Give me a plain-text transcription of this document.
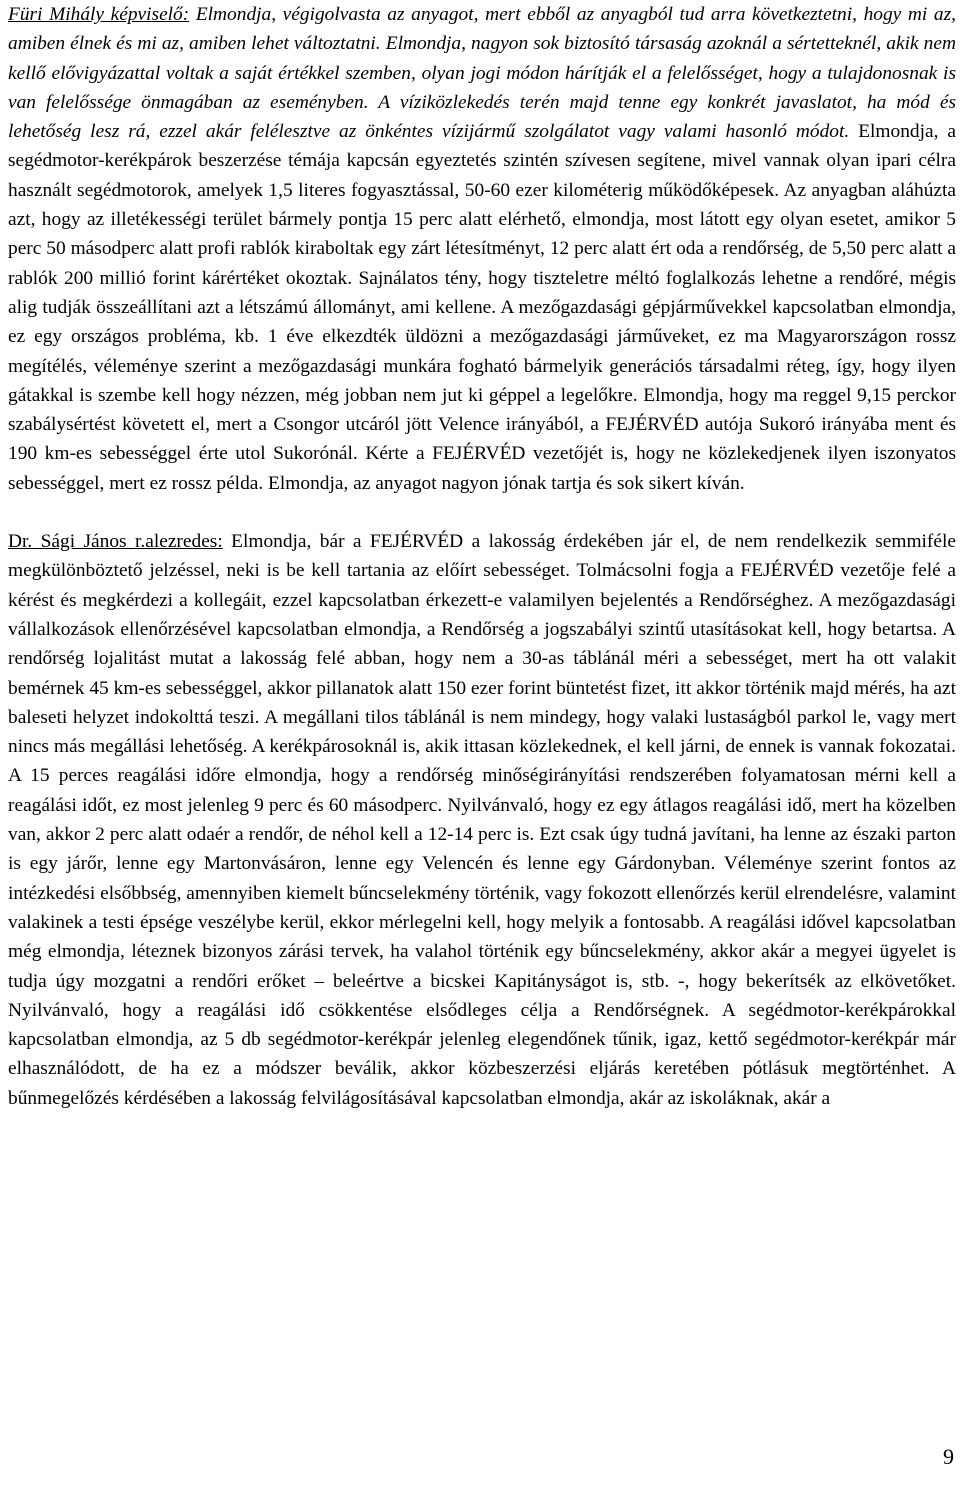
Füri Mihály képviselő: Elmondja, végigolvasta az anyagot, mert ebből az anyagból tud arra következtetni, hogy mi az, amiben élnek és mi az, amiben lehet változtatni. Elmondja, nagyon sok biztosító társaság azoknál a sértetteknél, akik nem kellő elővigyázattal voltak a saját értékkel szemben, olyan jogi módon hárítják el a felelősséget, hogy a tulajdonosnak is van felelőssége önmagában az eseményben. A víziközlekedés terén majd tenne egy konkrét javaslatot, ha mód és lehetőség lesz rá, ezzel akár felélesztve az önkéntes vízijármű szolgálatot vagy valami hasonló módot. Elmondja, a segédmotor-kerékpárok beszerzése témája kapcsán egyeztetés szintén szívesen segítene, mivel vannak olyan ipari célra használt segédmotorok, amelyek 1,5 literes fogyasztással, 50-60 ezer kilométerig működőképesek. Az anyagban aláhúzta azt, hogy az illetékességi terület bármely pontja 15 perc alatt elérhető, elmondja, most látott egy olyan esetet, amikor 5 perc 50 másodperc alatt profi rablók kiraboltak egy zárt létesítményt, 12 perc alatt ért oda a rendőrség, de 5,50 perc alatt a rablók 200 millió forint kárértéket okoztak. Sajnálatos tény, hogy tiszteletre méltó foglalkozás lehetne a rendőré, mégis alig tudják összeállítani azt a létszámú állományt, ami kellene. A mezőgazdasági gépjárművekkel kapcsolatban elmondja, ez egy országos probléma, kb. 1 éve elkezdték üldözni a mezőgazdasági járműveket, ez ma Magyarországon rossz megítélés, véleménye szerint a mezőgazdasági munkára fogható bármelyik generációs társadalmi réteg, így, hogy ilyen gátakkal is szembe kell hogy nézzen, még jobban nem jut ki géppel a legelőkre. Elmondja, hogy ma reggel 9,15 perckor szabálysértést követett el, mert a Csongor utcáról jött Velence irányából, a FEJÉRVÉD autója Sukoró irányába ment és 190 km-es sebességgel érte utol Sukorónál. Kérte a FEJÉRVÉD vezetőjét is, hogy ne közlekedjenek ilyen iszonyatos sebességgel, mert ez rossz példa. Elmondja, az anyagot nagyon jónak tartja és sok sikert kíván.

Dr. Sági János r.alezredes: Elmondja, bár a FEJÉRVÉD a lakosság érdekében jár el, de nem rendelkezik semmiféle megkülönböztető jelzéssel, neki is be kell tartania az előírt sebességet. Tolmácsolni fogja a FEJÉRVÉD vezetője felé a kérést és megkérdezi a kollegáit, ezzel kapcsolatban érkezett-e valamilyen bejelentés a Rendőrséghez. A mezőgazdasági vállalkozások ellenőrzésével kapcsolatban elmondja, a Rendőrség a jogszabályi szintű utasításokat kell, hogy betartsa. A rendőrség lojalitást mutat a lakosság felé abban, hogy nem a 30-as táblánál méri a sebességet, mert ha ott valakit bemérnek 45 km-es sebességgel, akkor pillanatok alatt 150 ezer forint büntetést fizet, itt akkor történik majd mérés, ha azt baleseti helyzet indokolttá teszi. A megállani tilos táblánál is nem mindegy, hogy valaki lustaságból parkol le, vagy mert nincs más megállási lehetőség. A kerékpárosoknál is, akik ittasan közlekednek, el kell járni, de ennek is vannak fokozatai. A 15 perces reagálási időre elmondja, hogy a rendőrség minőségirányítási rendszerében folyamatosan mérni kell a reagálási időt, ez most jelenleg 9 perc és 60 másodperc. Nyilvánvaló, hogy ez egy átlagos reagálási idő, mert ha közelben van, akkor 2 perc alatt odaér a rendőr, de néhol kell a 12-14 perc is. Ezt csak úgy tudná javítani, ha lenne az északi parton is egy járőr, lenne egy Martonvásáron, lenne egy Velencén és lenne egy Gárdonyban. Véleménye szerint fontos az intézkedési elsőbbség, amennyiben kiemelt bűncselekmény történik, vagy fokozott ellenőrzés kerül elrendelésre, valamint valakinek a testi épsége veszélybe kerül, ekkor mérlegelni kell, hogy melyik a fontosabb. A reagálási idővel kapcsolatban még elmondja, léteznek bizonyos zárási tervek, ha valahol történik egy bűncselekmény, akkor akár a megyei ügyelet is tudja úgy mozgatni a rendőri erőket – beleértve a bicskei Kapitányságot is, stb. -, hogy bekerítsék az elkövetőket. Nyilvánvaló, hogy a reagálási idő csökkentése elsődleges célja a Rendőrségnek. A segédmotor-kerékpárokkal kapcsolatban elmondja, az 5 db segédmotor-kerékpár jelenleg elegendőnek tűnik, igaz, kettő segédmotor-kerékpár már elhasználódott, de ha ez a módszer beválik, akkor közbeszerzési eljárás keretében pótlásuk megtörténhet. A bűnmegelőzés kérdésében a lakosság felvilágosításával kapcsolatban elmondja, akár az iskoláknak, akár a

9
